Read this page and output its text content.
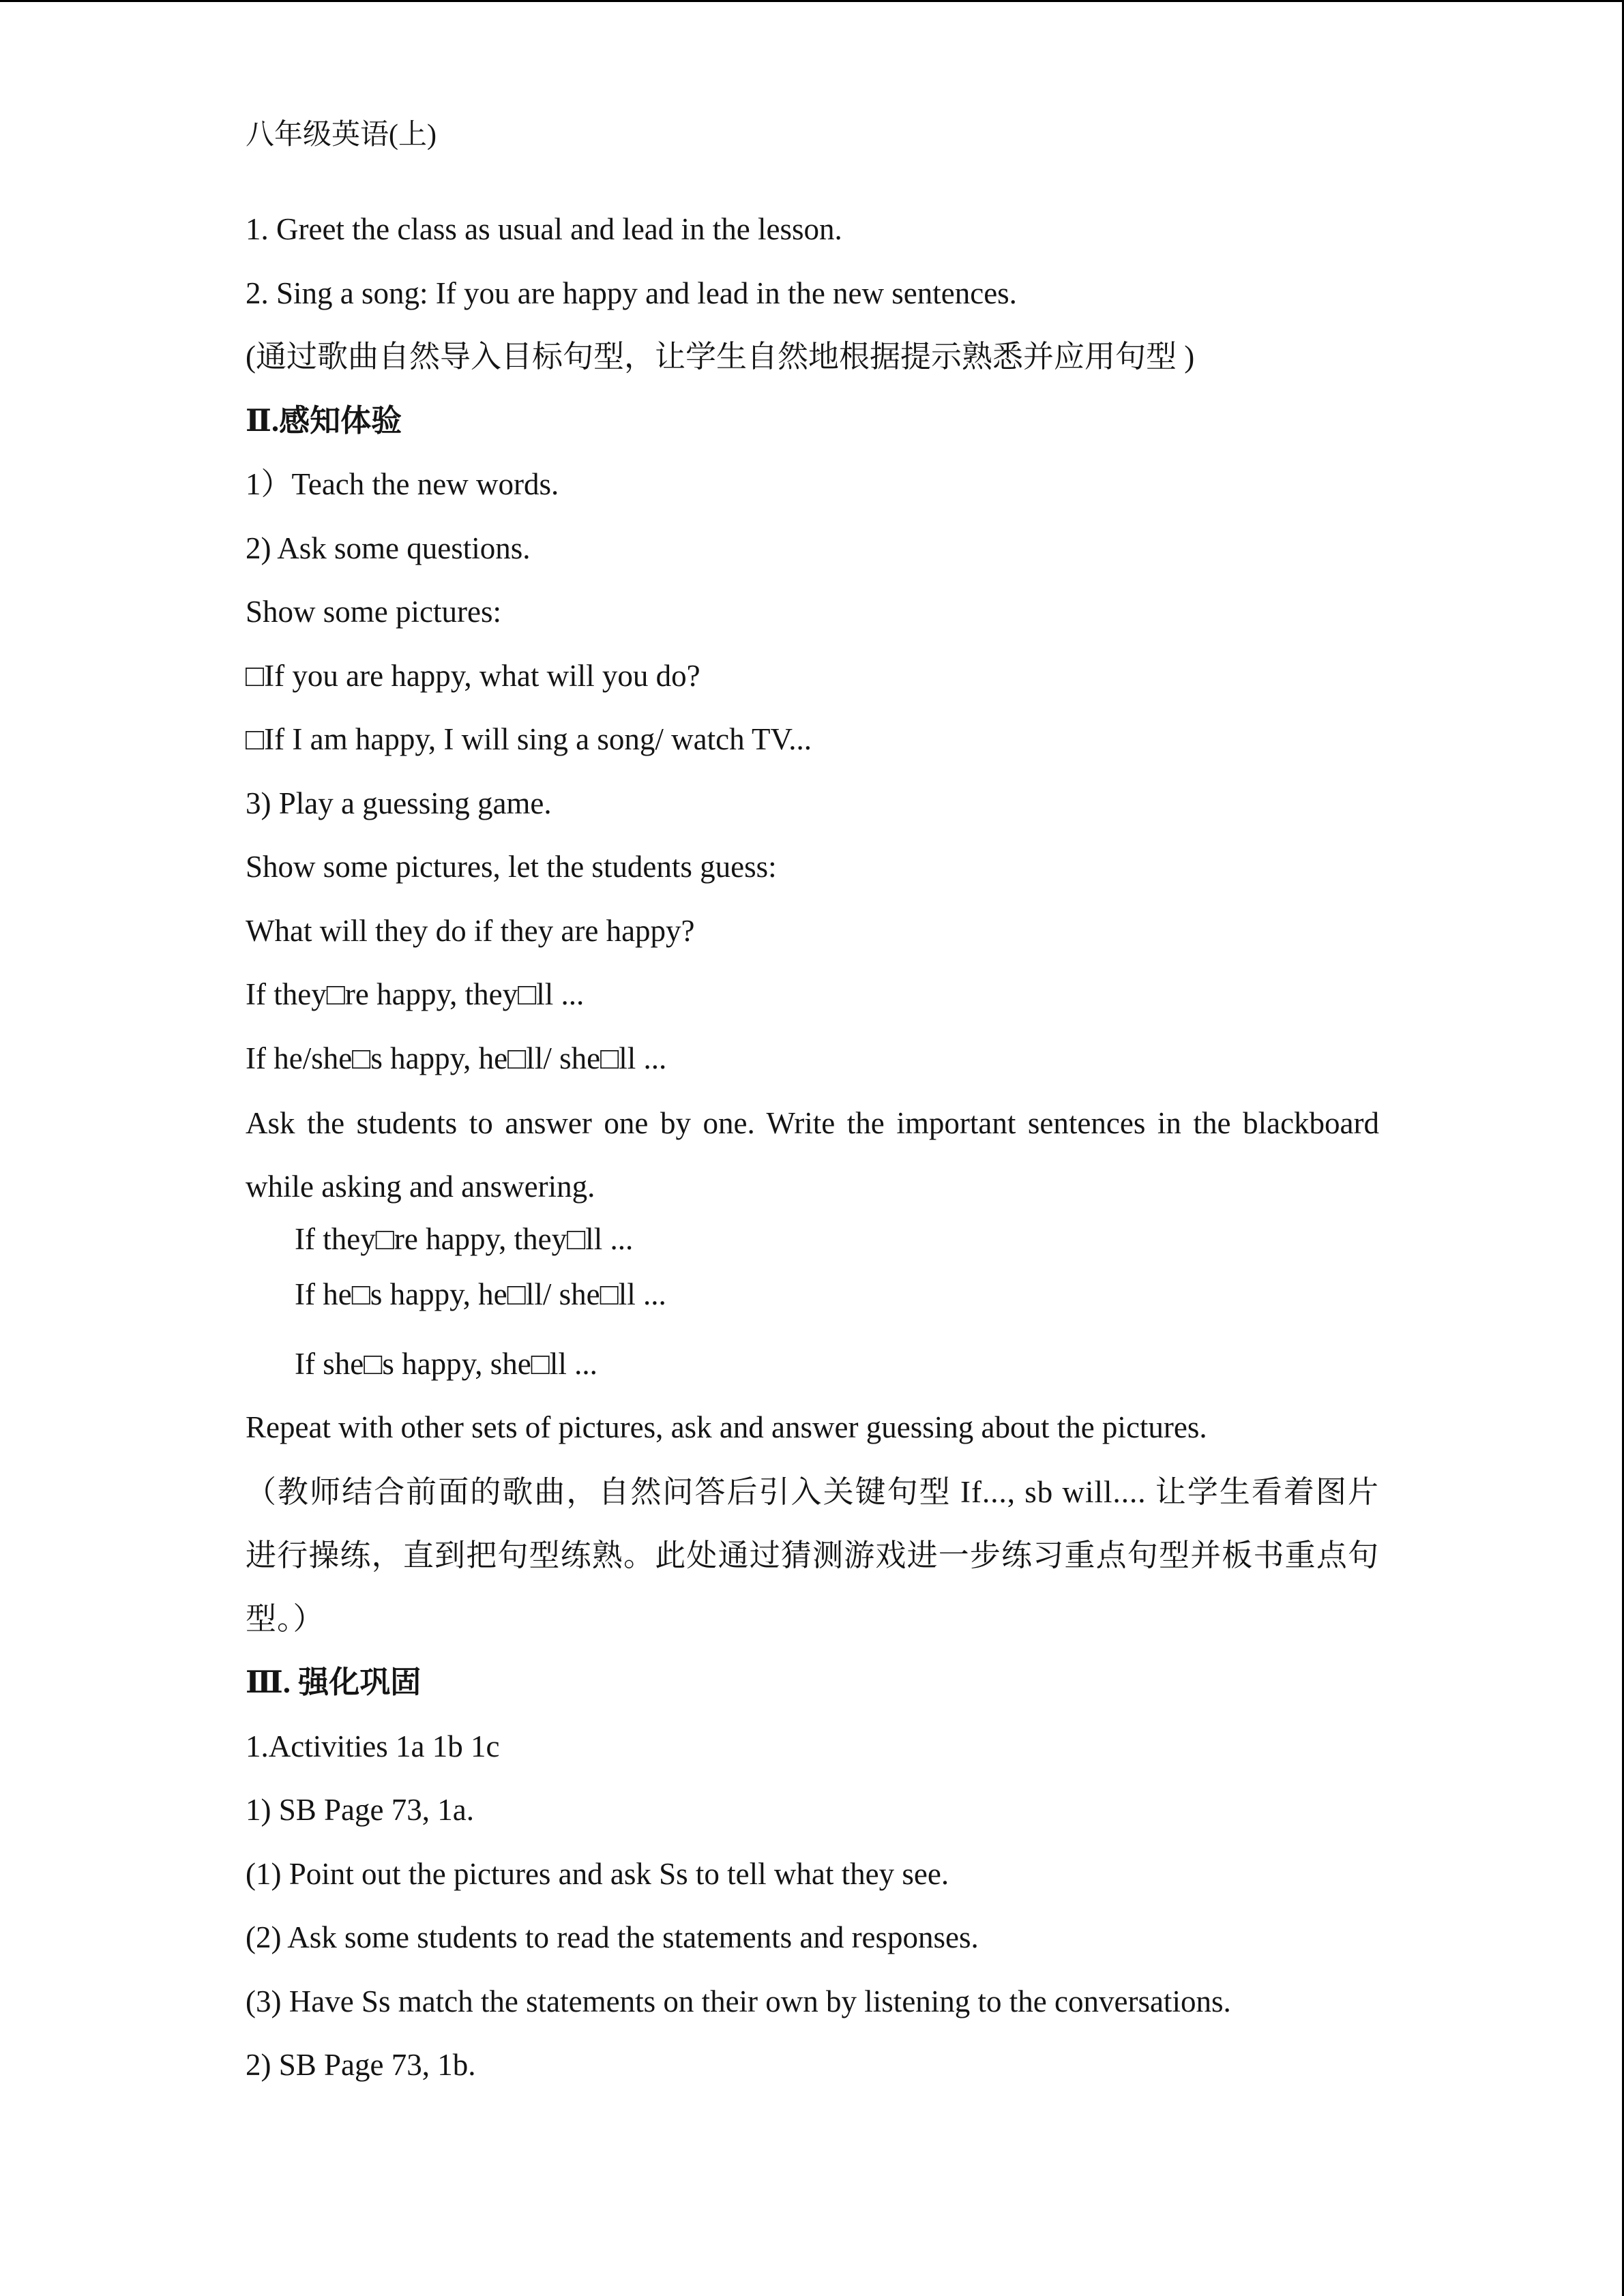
八年级英语(上)
1. Greet the class as usual and lead in the lesson.
2. Sing a song: If you are happy and lead in the new sentences.
(通过歌曲自然导入目标句型，让学生自然地根据提示熟悉并应用句型 )
Ⅱ.感知体验
1）Teach the new words.
2) Ask some questions.
Show some pictures:
□If you are happy, what will you do?
□If I am happy, I will sing a song/ watch TV...
3) Play a guessing game.
Show some pictures, let the students guess:
What will they do if they are happy?
If they□re happy, they□ll ...
If he/she□s happy, he□ll/ she□ll ...
Ask the students to answer one by one. Write the important sentences in the blackboard while asking and answering.
If they□re happy, they□ll ...
If he□s happy, he□ll/ she□ll ...
If she□s happy, she□ll ...
Repeat with other sets of pictures, ask and answer guessing about the pictures.
（教师结合前面的歌曲，自然问答后引入关键句型 If..., sb will.... 让学生看着图片进行操练，直到把句型练熟。此处通过猜测游戏进一步练习重点句型并板书重点句型。）
Ⅲ. 强化巩固
1.Activities 1a 1b 1c
1) SB Page 73, 1a.
(1) Point out the pictures and ask Ss to tell what they see.
(2) Ask some students to read the statements and responses.
(3) Have Ss match the statements on their own by listening to the conversations.
2) SB Page 73, 1b.
